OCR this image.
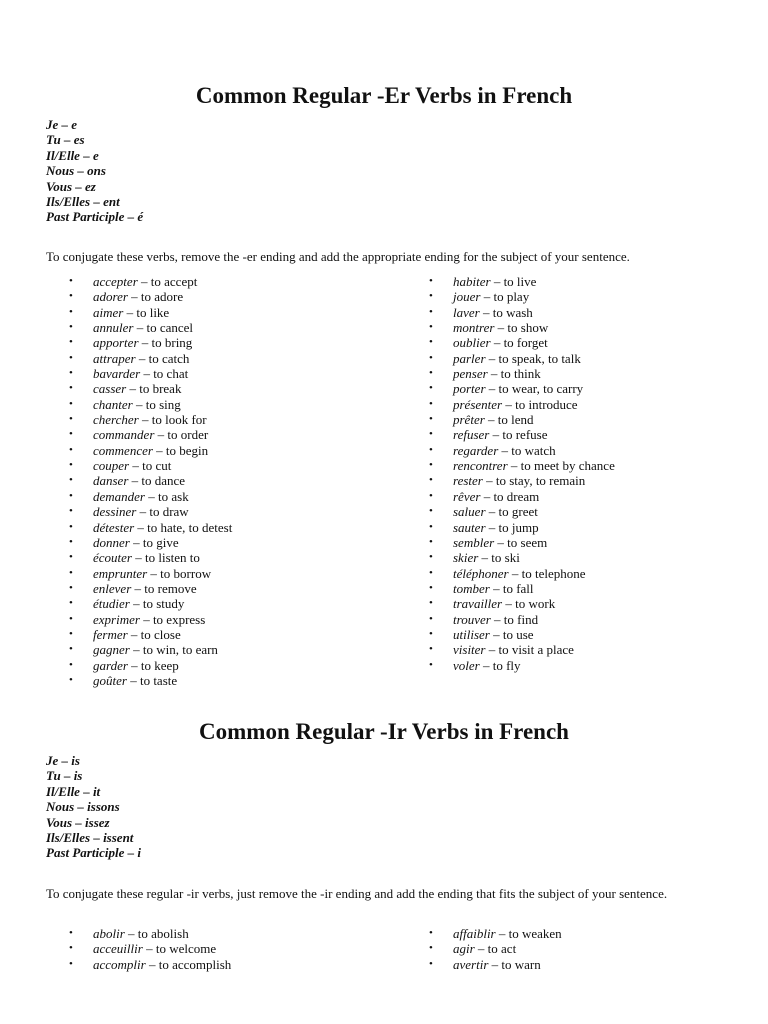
Common Regular -Er Verbs in French
Je – e
Tu – es
Il/Elle – e
Nous – ons
Vous – ez
Ils/Elles – ent
Past Participle – é

To conjugate these verbs, remove the -er ending and add the appropriate ending for the subject of your sentence.

• accepter – to accept
• adorer – to adore
• aimer – to like
• annuler – to cancel
• apporter – to bring
• attraper – to catch
• bavarder – to chat
• casser – to break
• chanter – to sing
• chercher – to look for
• commander – to order
• commencer – to begin
• couper – to cut
• danser – to dance
• demander – to ask
• dessiner – to draw
• détester – to hate, to detest
• donner – to give
• écouter – to listen to
• emprunter – to borrow
• enlever – to remove
• étudier – to study
• exprimer – to express
• fermer – to close
• gagner – to win, to earn
• garder – to keep
• goûter – to taste
• habiter – to live
• jouer – to play
• laver – to wash
• montrer – to show
• oublier – to forget
• parler – to speak, to talk
• penser – to think
• porter – to wear, to carry
• présenter – to introduce
• prêter – to lend
• refuser – to refuse
• regarder – to watch
• rencontrer – to meet by chance
• rester – to stay, to remain
• rêver – to dream
• saluer – to greet
• sauter – to jump
• sembler – to seem
• skier – to ski
• téléphoner – to telephone
• tomber – to fall
• travailler – to work
• trouver – to find
• utiliser – to use
• visiter – to visit a place
• voler – to fly
Common Regular -Ir Verbs in French
Je – is
Tu – is
Il/Elle – it
Nous – issons
Vous – issez
Ils/Elles – issent
Past Participle – i

To conjugate these regular -ir verbs, just remove the -ir ending and add the ending that fits the subject of your sentence.

• abolir – to abolish
• acceuillir – to welcome
• accomplir – to accomplish
• affaiblir – to weaken
• agir – to act
• avertir – to warn
